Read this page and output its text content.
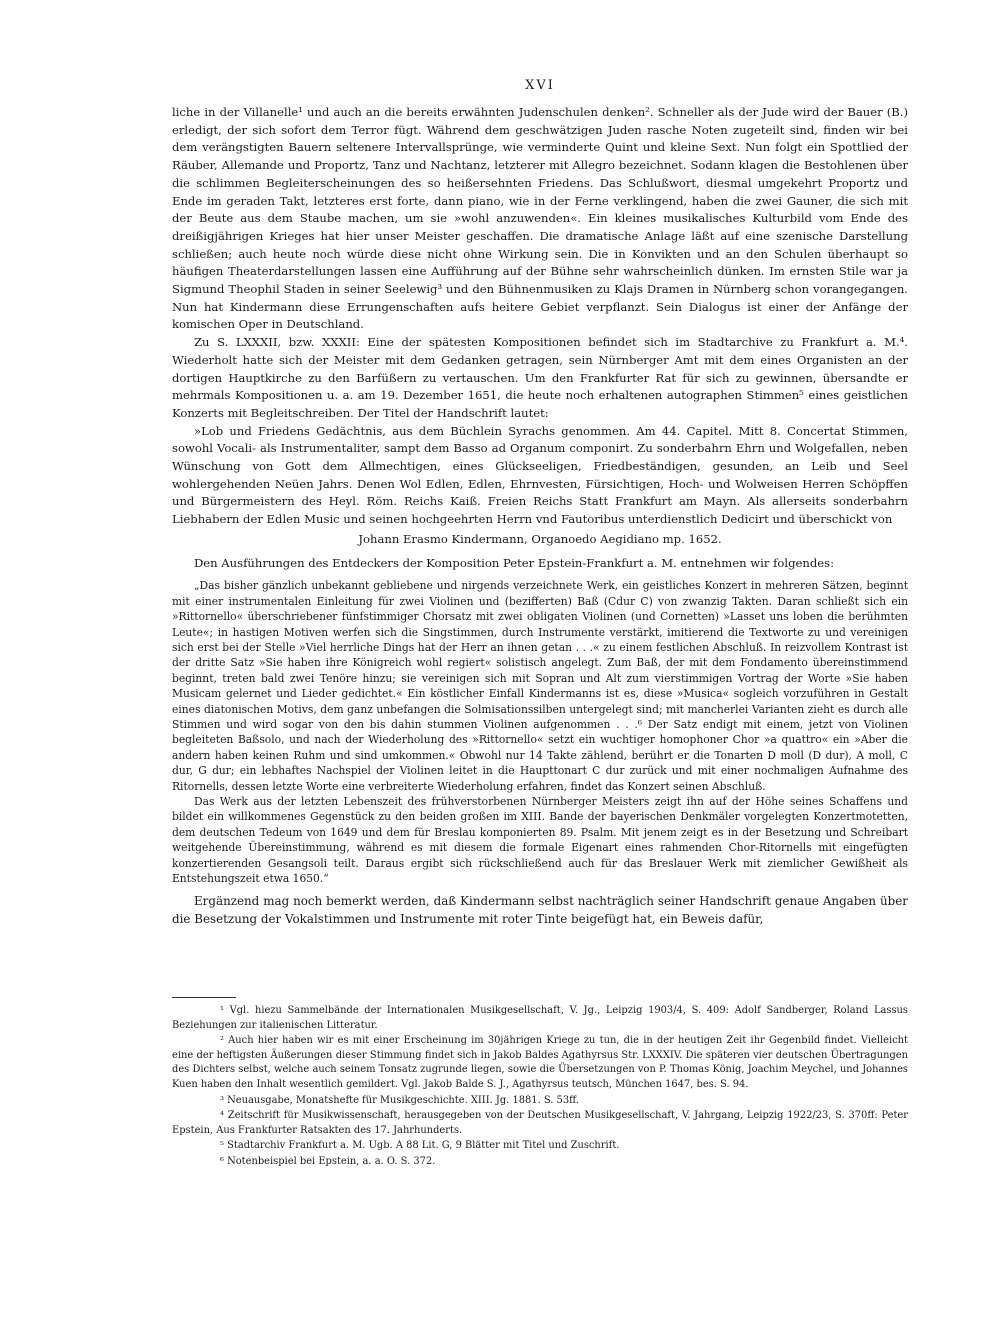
XVI

liche in der Villanelle¹ und auch an die bereits erwähnten Judenschulen denken². Schneller als der Jude wird der Bauer (B.) erledigt, der sich sofort dem Terror fügt. Während dem geschwätzigen Juden rasche Noten zugeteilt sind, finden wir bei dem verängstigten Bauern seltenere Intervallsprünge, wie verminderte Quint und kleine Sext. Nun folgt ein Spottlied der Räuber, Allemande und Proportz, Tanz und Nachtanz, letzterer mit Allegro bezeichnet. Sodann klagen die Bestohlenen über die schlimmen Begleiterscheinungen des so heißersehnten Friedens. Das Schlußwort, diesmal umgekehrt Proportz und Ende im geraden Takt, letzteres erst forte, dann piano, wie in der Ferne verklingend, haben die zwei Gauner, die sich mit der Beute aus dem Staube machen, um sie »wohl anzuwenden«. Ein kleines musikalisches Kulturbild vom Ende des dreißigjährigen Krieges hat hier unser Meister geschaffen. Die dramatische Anlage läßt auf eine szenische Darstellung schließen; auch heute noch würde diese nicht ohne Wirkung sein. Die in Konvikten und an den Schulen überhaupt so häufigen Theaterdarstellungen lassen eine Aufführung auf der Bühne sehr wahrscheinlich dünken. Im ernsten Stile war ja Sigmund Theophil Staden in seiner Seelewig³ und den Bühnenmusiken zu Klajs Dramen in Nürnberg schon vorangegangen. Nun hat Kindermann diese Errungenschaften aufs heitere Gebiet verpflanzt. Sein Dialogus ist einer der Anfänge der komischen Oper in Deutschland.

Zu S. LXXXII, bzw. XXXII: Eine der spätesten Kompositionen befindet sich im Stadtarchive zu Frankfurt a. M.⁴. Wiederholt hatte sich der Meister mit dem Gedanken getragen, sein Nürnberger Amt mit dem eines Organisten an der dortigen Hauptkirche zu den Barfüßern zu vertauschen. Um den Frankfurter Rat für sich zu gewinnen, übersandte er mehrmals Kompositionen u. a. am 19. Dezember 1651, die heute noch erhaltenen autographen Stimmen⁵ eines geistlichen Konzerts mit Begleitschreiben. Der Titel der Handschrift lautet:

»Lob und Friedens Gedächtnis, aus dem Büchlein Syrachs genommen. Am 44. Capitel. Mitt 8. Concertat Stimmen, sowohl Vocali- als Instrumentaliter, sampt dem Basso ad Organum componirt. Zu sonderbahrn Ehrn und Wolgefallen, neben Wünschung von Gott dem Allmechtigen, eines Glückseeligen, Friedbeständigen, gesunden, an Leib und Seel wohlergehenden Neüen Jahrs. Denen Wol Edlen, Edlen, Ehrnvesten, Fürsichtigen, Hoch- und Wolweisen Herren Schöpffen und Bürgermeistern des Heyl. Röm. Reichs Kaiß. Freien Reichs Statt Frankfurt am Mayn. Als allerseits sonderbahrn Liebhabern der Edlen Music und seinen hochgeehrten Herrn vnd Fautoribus unterdienstlich Dedicirt und überschickt von

Johann Erasmo Kindermann, Organoedo Aegidiano mp. 1652.

Den Ausführungen des Entdeckers der Komposition Peter Epstein-Frankfurt a. M. entnehmen wir folgendes:

„Das bisher gänzlich unbekannt gebliebene und nirgends verzeichnete Werk, ein geistliches Konzert in mehreren Sätzen, beginnt mit einer instrumentalen Einleitung für zwei Violinen und (bezifferten) Baß (Cdur C) von zwanzig Takten. Daran schließt sich ein »Rittornello« überschriebener fünfstimmiger Chorsatz mit zwei obligaten Violinen (und Cornetten) »Lasset uns loben die berühmten Leute«; in hastigen Motiven werfen sich die Singstimmen, durch Instrumente verstärkt, imitierend die Textworte zu und vereinigen sich erst bei der Stelle »Viel herrliche Dings hat der Herr an ihnen getan . . .« zu einem festlichen Abschluß. In reizvollem Kontrast ist der dritte Satz »Sie haben ihre Königreich wohl regiert« solistisch angelegt. Zum Baß, der mit dem Fondamento übereinstimmend beginnt, treten bald zwei Tenöre hinzu; sie vereinigen sich mit Sopran und Alt zum vierstimmigen Vortrag der Worte »Sie haben Musicam gelernet und Lieder gedichtet.« Ein köstlicher Einfall Kindermanns ist es, diese »Musica« sogleich vorzuführen in Gestalt eines diatonischen Motivs, dem ganz unbefangen die Solmisationssilben untergelegt sind; mit mancherlei Varianten zieht es durch alle Stimmen und wird sogar von den bis dahin stummen Violinen aufgenommen . . .⁶ Der Satz endigt mit einem, jetzt von Violinen begleiteten Baßsolo, und nach der Wiederholung des »Rittornello« setzt ein wuchtiger homophoner Chor »a quattro« ein »Aber die andern haben keinen Ruhm und sind umkommen.« Obwohl nur 14 Takte zählend, berührt er die Tonarten D moll (D dur), A moll, C dur, G dur; ein lebhaftes Nachspiel der Violinen leitet in die Haupttonart C dur zurück und mit einer nochmaligen Aufnahme des Ritornells, dessen letzte Worte eine verbreiterte Wiederholung erfahren, findet das Konzert seinen Abschluß.

Das Werk aus der letzten Lebenszeit des frühverstorbenen Nürnberger Meisters zeigt ihn auf der Höhe seines Schaffens und bildet ein willkommenes Gegenstück zu den beiden großen im XIII. Bande der bayerischen Denkmäler vorgelegten Konzertmotetten, dem deutschen Tedeum von 1649 und dem für Breslau komponierten 89. Psalm. Mit jenem zeigt es in der Besetzung und Schreibart weitgehende Übereinstimmung, während es mit diesem die formale Eigenart eines rahmenden Chor-Ritornells mit eingefügten konzertierenden Gesangsoli teilt. Daraus ergibt sich rückschließend auch für das Breslauer Werk mit ziemlicher Gewißheit als Entstehungszeit etwa 1650.“

Ergänzend mag noch bemerkt werden, daß Kindermann selbst nachträglich seiner Handschrift genaue Angaben über die Besetzung der Vokalstimmen und Instrumente mit roter Tinte beigefügt hat, ein Beweis dafür,

¹ Vgl. hiezu Sammelbände der Internationalen Musikgesellschaft, V. Jg., Leipzig 1903/4, S. 409: Adolf Sandberger, Roland Lassus Beziehungen zur italienischen Litteratur.

² Auch hier haben wir es mit einer Erscheinung im 30jährigen Kriege zu tun, die in der heutigen Zeit ihr Gegenbild findet. Vielleicht eine der heftigsten Äußerungen dieser Stimmung findet sich in Jakob Baldes Agathyrsus Str. LXXXIV. Die späteren vier deutschen Übertragungen des Dichters selbst, welche auch seinem Tonsatz zugrunde liegen, sowie die Übersetzungen von P. Thomas König, Joachim Meychel, und Johannes Kuen haben den Inhalt wesentlich gemildert. Vgl. Jakob Balde S. J., Agathyrsus teutsch, München 1647, bes. S. 94.

³ Neuausgabe, Monatshefte für Musikgeschichte. XIII. Jg. 1881. S. 53ff.

⁴ Zeitschrift für Musikwissenschaft, herausgegeben von der Deutschen Musikgesellschaft, V. Jahrgang, Leipzig 1922/23, S. 370ff: Peter Epstein, Aus Frankfurter Ratsakten des 17. Jahrhunderts.

⁵ Stadtarchiv Frankfurt a. M. Ugb. A 88 Lit. G, 9 Blätter mit Titel und Zuschrift.

⁶ Notenbeispiel bei Epstein, a. a. O. S. 372.
